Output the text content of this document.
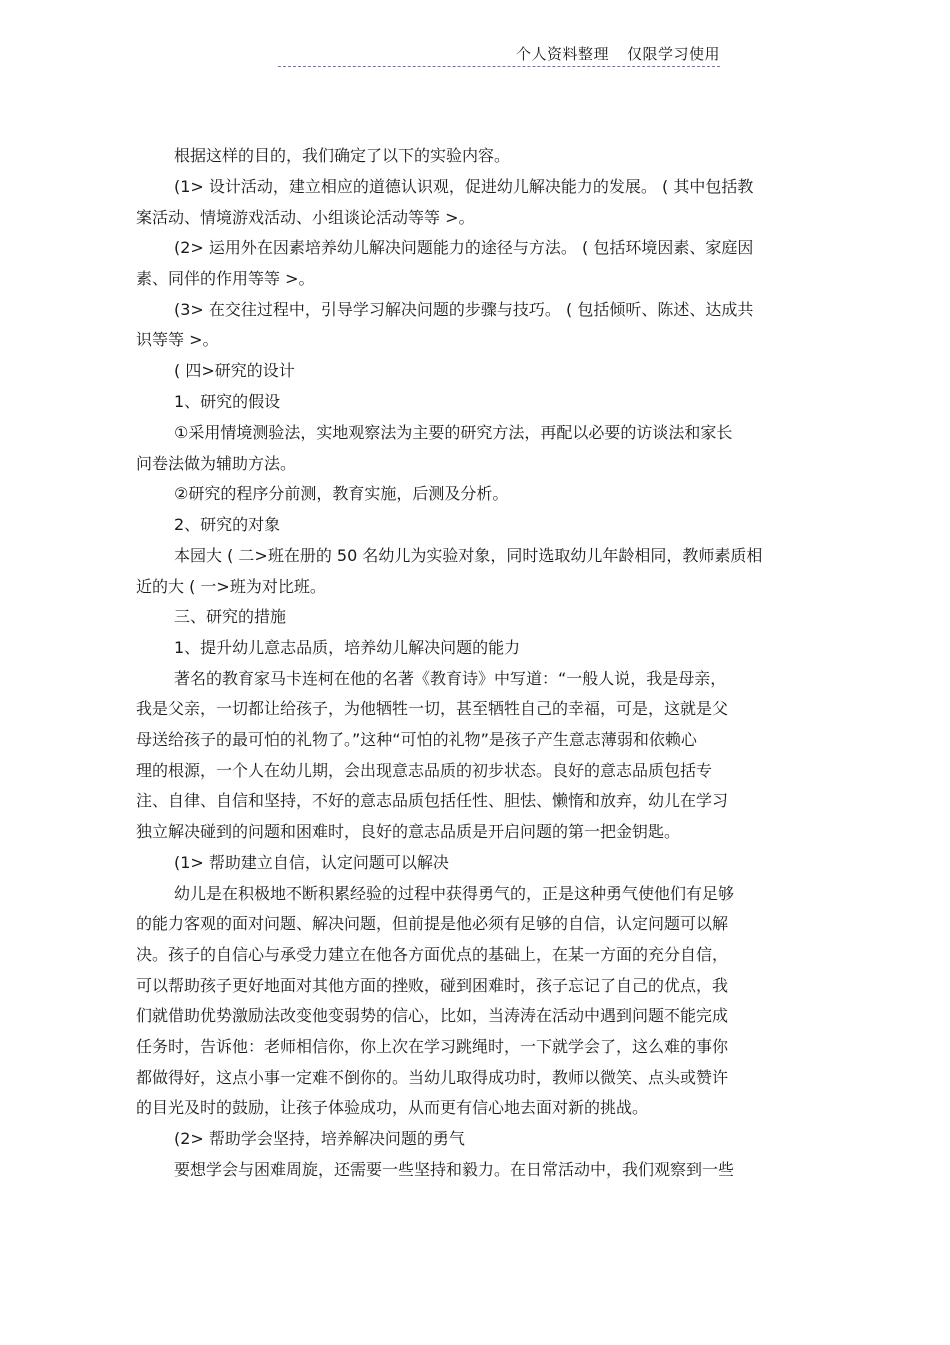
个人资料整理 仅限学习使用
根据这样的目的，我们确定了以下的实验内容。
(1> 设计活动，建立相应的道德认识观，促进幼儿解决能力的发展。 ( 其中包括教
案活动、情境游戏活动、小组谈论活动等等 >。
(2> 运用外在因素培养幼儿解决问题能力的途径与方法。 ( 包括环境因素、家庭因
素、同伴的作用等等 >。
(3> 在交往过程中，引导学习解决问题的步骤与技巧。 ( 包括倾听、陈述、达成共
识等等 >。
( 四>研究的设计
1、研究的假设
①采用情境测验法，实地观察法为主要的研究方法，再配以必要的访谈法和家长
问卷法做为辅助方法。
②研究的程序分前测，教育实施，后测及分析。
2、研究的对象
本园大 ( 二>班在册的 50 名幼儿为实验对象，同时选取幼儿年龄相同，教师素质相
近的大 ( 一>班为对比班。
三、研究的措施
1、提升幼儿意志品质，培养幼儿解决问题的能力
著名的教育家马卡连柯在他的名著《教育诗》中写道：“一般人说，我是母亲，
我是父亲，一切都让给孩子，为他牺牲一切，甚至牺牲自己的幸福，可是，这就是父
母送给孩子的最可怕的礼物了。”这种“可怕的礼物”是孩子产生意志薄弱和依赖心
理的根源，一个人在幼儿期，会出现意志品质的初步状态。良好的意志品质包括专
注、自律、自信和坚持，不好的意志品质包括任性、胆怯、懒惰和放弃，幼儿在学习
独立解决碰到的问题和困难时，良好的意志品质是开启问题的第一把金钥匙。
(1> 帮助建立自信，认定问题可以解决
幼儿是在积极地不断积累经验的过程中获得勇气的，正是这种勇气使他们有足够
的能力客观的面对问题、解决问题，但前提是他必须有足够的自信，认定问题可以解
决。孩子的自信心与承受力建立在他各方面优点的基础上，在某一方面的充分自信，
可以帮助孩子更好地面对其他方面的挫败，碰到困难时，孩子忘记了自己的优点，我
们就借助优势激励法改变他变弱势的信心，比如，当涛涛在活动中遇到问题不能完成
任务时，告诉他：老师相信你，你上次在学习跳绳时，一下就学会了，这么难的事你
都做得好，这点小事一定难不倒你的。当幼儿取得成功时，教师以微笑、点头或赞许
的目光及时的鼓励，让孩子体验成功，从而更有信心地去面对新的挑战。
(2> 帮助学会坚持，培养解决问题的勇气
要想学会与困难周旋，还需要一些坚持和毅力。在日常活动中，我们观察到一些
